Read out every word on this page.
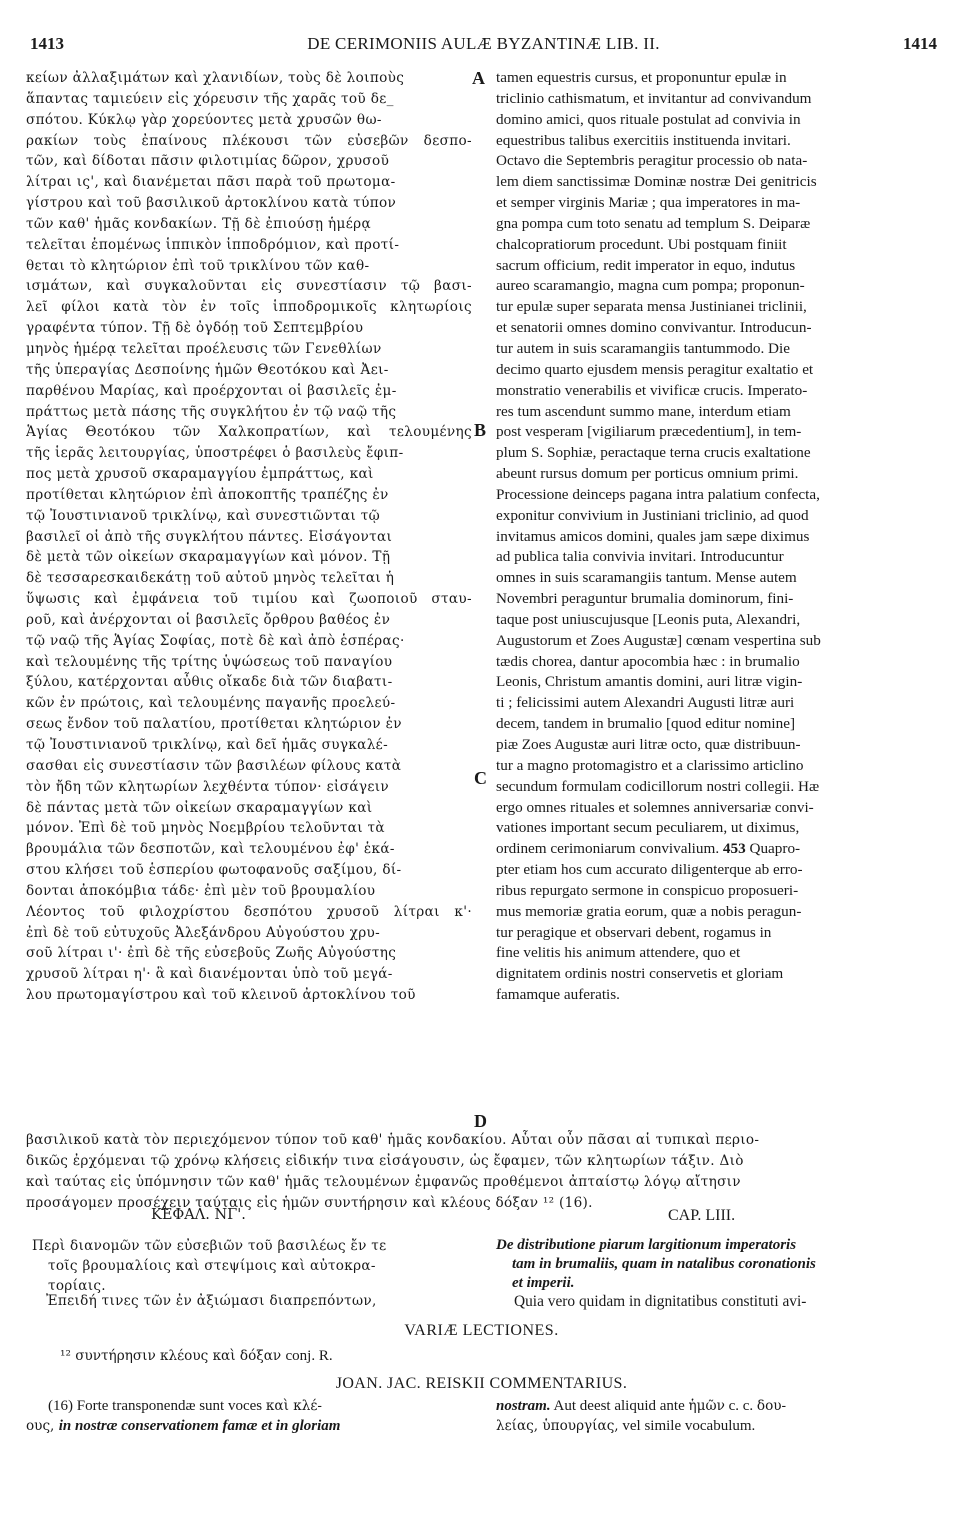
1413	DE CERIMONIIS AULÆ BYZANTINÆ LIB. II.	1414
κείων ἀλλαξιμάτων καὶ χλανιδίων, τοὺς δὲ λοιποὺς
ἅπαντας ταμιεύειν εἰς χόρευσιν τῆς χαρᾶς τοῦ δε_
σπότου. Κύκλῳ γὰρ χορεύοντες μετὰ χρυσῶν θω-
ρακίων τοὺς ἐπαίνους πλέκουσι τῶν εὐσεβῶν δεσπο-
τῶν, καὶ δίδοται πᾶσιν φιλοτιμίας δῶρον, χρυσοῦ
λίτραι ις', καὶ διανέμεται πᾶσι παρὰ τοῦ πρωτομα-
γίστρου καὶ τοῦ βασιλικοῦ ἀρτοκλίνου κατὰ τύπον
τῶν καθ' ἡμᾶς κονδακίων. Τῇ δὲ ἐπιούσῃ ἡμέρᾳ
τελεῖται ἑπομένως ἱππικὸν ἱπποδρόμιον, καὶ προτί-
θεται τὸ κλητώριον ἐπὶ τοῦ τρικλίνου τῶν καθ-
ισμάτων, καὶ συγκαλοῦνται εἰς συνεστίασιν τῷ βασι-
λεῖ φίλοι κατὰ τὸν ἐν τοῖς ἱπποδρομικοῖς κλητωρίοις
γραφέντα τύπον. Τῇ δὲ ὀγδόῃ τοῦ Σεπτεμβρίου
μηνὸς ἡμέρᾳ τελεῖται προέλευσις τῶν Γενεθλίων
τῆς ὑπεραγίας Δεσποίνης ἡμῶν Θεοτόκου καὶ Ἀει-
παρθένου Μαρίας, καὶ προέρχονται οἱ βασιλεῖς ἐμ-
πράττως μετὰ πάσης τῆς συγκλήτου ἐν τῷ ναῷ τῆς
Ἁγίας Θεοτόκου τῶν Χαλκοπρατίων, καὶ τελουμένης
τῆς ἱερᾶς λειτουργίας, ὑποστρέφει ὁ βασιλεὺς ἔφιπ-
πος μετὰ χρυσοῦ σκαραμαγγίου ἐμπράττως, καὶ
προτίθεται κλητώριον ἐπὶ ἀποκοπτῆς τραπέζης ἐν
τῷ Ἰουστινιανοῦ τρικλίνῳ, καὶ συνεστιῶνται τῷ
βασιλεῖ οἱ ἀπὸ τῆς συγκλήτου πάντες. Εἰσάγονται
δὲ μετὰ τῶν οἰκείων σκαραμαγγίων καὶ μόνον. Τῇ
δὲ τεσσαρεσκαιδεκάτῃ τοῦ αὐτοῦ μηνὸς τελεῖται ἡ
ὕψωσις καὶ ἐμφάνεια τοῦ τιμίου καὶ ζωοποιοῦ σταυ-
ροῦ, καὶ ἀνέρχονται οἱ βασιλεῖς ὄρθρου βαθέος ἐν
τῷ ναῷ τῆς Ἁγίας Σοφίας, ποτὲ δὲ καὶ ἀπὸ ἑσπέρας·
καὶ τελουμένης τῆς τρίτης ὑψώσεως τοῦ παναγίου
ξύλου, κατέρχονται αὖθις οἴκαδε διὰ τῶν διαβατι-
κῶν ἐν πρώτοις, καὶ τελουμένης παγανῆς προελεύ-
σεως ἔνδον τοῦ παλατίου, προτίθεται κλητώριον ἐν
τῷ Ἰουστινιανοῦ τρικλίνῳ, καὶ δεῖ ἡμᾶς συγκαλέ-
σασθαι εἰς συνεστίασιν τῶν βασιλέων φίλους κατὰ
τὸν ἤδη τῶν κλητωρίων λεχθέντα τύπον· εἰσάγειν
δὲ πάντας μετὰ τῶν οἰκείων σκαραμαγγίων καὶ
μόνον. Ἐπὶ δὲ τοῦ μηνὸς Νοεμβρίου τελοῦνται τὰ
βρουμάλια τῶν δεσποτῶν, καὶ τελουμένου ἐφ' ἑκά-
στου κλήσει τοῦ ἑσπερίου φωτοφανοῦς σαξίμου, δί-
δονται ἀποκόμβια τάδε· ἐπὶ μὲν τοῦ βρουμαλίου
Λέοντος τοῦ φιλοχρίστου δεσπότου χρυσοῦ λίτραι κ'·
ἐπὶ δὲ τοῦ εὐτυχοῦς Ἀλεξάνδρου Αὐγούστου χρυ-
σοῦ λίτραι ι'· ἐπὶ δὲ τῆς εὐσεβοῦς Ζωῆς Αὐγούστης
χρυσοῦ λίτραι η'· ἃ καὶ διανέμονται ὑπὸ τοῦ μεγά-
λου πρωτομαγίστρου καὶ τοῦ κλεινοῦ ἀρτοκλίνου τοῦ
tamen equestris cursus, et proponuntur epulæ in
triclinio cathismatum, et invitantur ad convivandum
domino amici, quos rituale postulat ad convivia in
equestribus talibus exercitiis instituenda invitari.
Octavo die Septembris peragitur processio ob nata-
lem diem sanctissimæ Dominæ nostræ Dei genitricis
et semper virginis Mariæ ; qua imperatores in ma-
gna pompa cum toto senatu ad templum S. Deiparæ
chalcopratiorum procedunt. Ubi postquam finiit
sacrum officium, redit imperator in equo, indutus
aureo scaramangio, magna cum pompa; proponun-
tur epulæ super separata mensa Justinianei triclinii,
et senatorii omnes domino convivantur. Introducun-
tur autem in suis scaramangiis tantummodo. Die
decimo quarto ejusdem mensis peragitur exaltatio et
monstratio venerabilis et vivificæ crucis. Imperato-
res tum ascendunt summo mane, interdum etiam
post vesperam [vigiliarum præcedentium], in tem-
plum S. Sophiæ, peractaque terna crucis exaltatione
abeunt rursus domum per porticus omnium primi.
Processione deinceps pagana intra palatium confecta,
exponitur convivium in Justiniani triclinio, ad quod
invitamus amicos domini, quales jam sæpe diximus
ad publica talia convivia invitari. Introducuntur
omnes in suis scaramangiis tantum. Mense autem
Novembri peraguntur brumalia dominorum, fini-
taque post uniuscujusque [Leonis puta, Alexandri,
Augustorum et Zoes Augustæ] cœnam vespertina sub
tædis chorea, dantur apocombia hæc : in brumalio
Leonis, Christum amantis domini, auri litræ vigin-
ti ; felicissimi autem Alexandri Augusti litræ auri
decem, tandem in brumalio [quod editur nomine]
piæ Zoes Augustæ auri litræ octo, quæ distribuun-
tur a magno protomagistro et a clarissimo articlino
secundum formulam codicillorum nostri collegii. Hæ
ergo omnes rituales et solemnes anniversariæ convi-
vationes important secum peculiarem, ut diximus,
ordinem cerimoniarum convivalium. 453 Quapro-
pter etiam hos cum accurato diligenterque ab erro-
ribus repurgato sermone in conspicuo proposueri-
mus memoriæ gratia eorum, quæ a nobis peragun-
tur peragique et observari debent, rogamus in
fine velitis his animum attendere, quo et
dignitatem ordinis nostri conservetis et gloriam
famamque auferatis.
A
B
C
D
βασιλικοῦ κατὰ τὸν περιεχόμενον τύπον τοῦ καθ' ἡμᾶς κονδακίου. Αὗται οὖν πᾶσαι αἱ τυπικαὶ περιο-
δικῶς ἐρχόμεναι τῷ χρόνῳ κλήσεις εἰδικήν τινα εἰσάγουσιν, ὡς ἔφαμεν, τῶν κλητωρίων τάξιν. Διὸ
καὶ ταύτας εἰς ὑπόμνησιν τῶν καθ' ἡμᾶς τελουμένων ἐμφανῶς προθέμενοι ἀπταίστῳ λόγῳ αἴτησιν
προσάγομεν προσέχειν ταύταις εἰς ἡμῶν συντήρησιν καὶ κλέους δόξαν ¹² (16).
ΚΕΦΑΛ. ΝΓ'.	CAP. LIII.
Περὶ διανομῶν τῶν εὐσεβιῶν τοῦ βασιλέως ἔν τε
τοῖς βρουμαλίοις καὶ στεψίμοις καὶ αὐτοκρα-
τορίαις.
De distributione piarum largitionum imperatoris
tam in brumaliis, quam in natalibus coronationis
et imperii.
Ἐπειδή τινες τῶν ἐν ἀξιώμασι διαπρεπόντων,	Quia vero quidam in dignitatibus constituti avi-
VARIÆ LECTIONES.
¹² συντήρησιν κλέους καὶ δόξαν conj. R.
JOAN. JAC. REISKII COMMENTARIUS.
(16) Forte transponendæ sunt voces καὶ κλέ-
ους, in nostræ conservationem famæ et in gloriam
nostram. Aut deest aliquid ante ἡμῶν c. c. δου-
λείας, ὑπουργίας, vel simile vocabulum.
